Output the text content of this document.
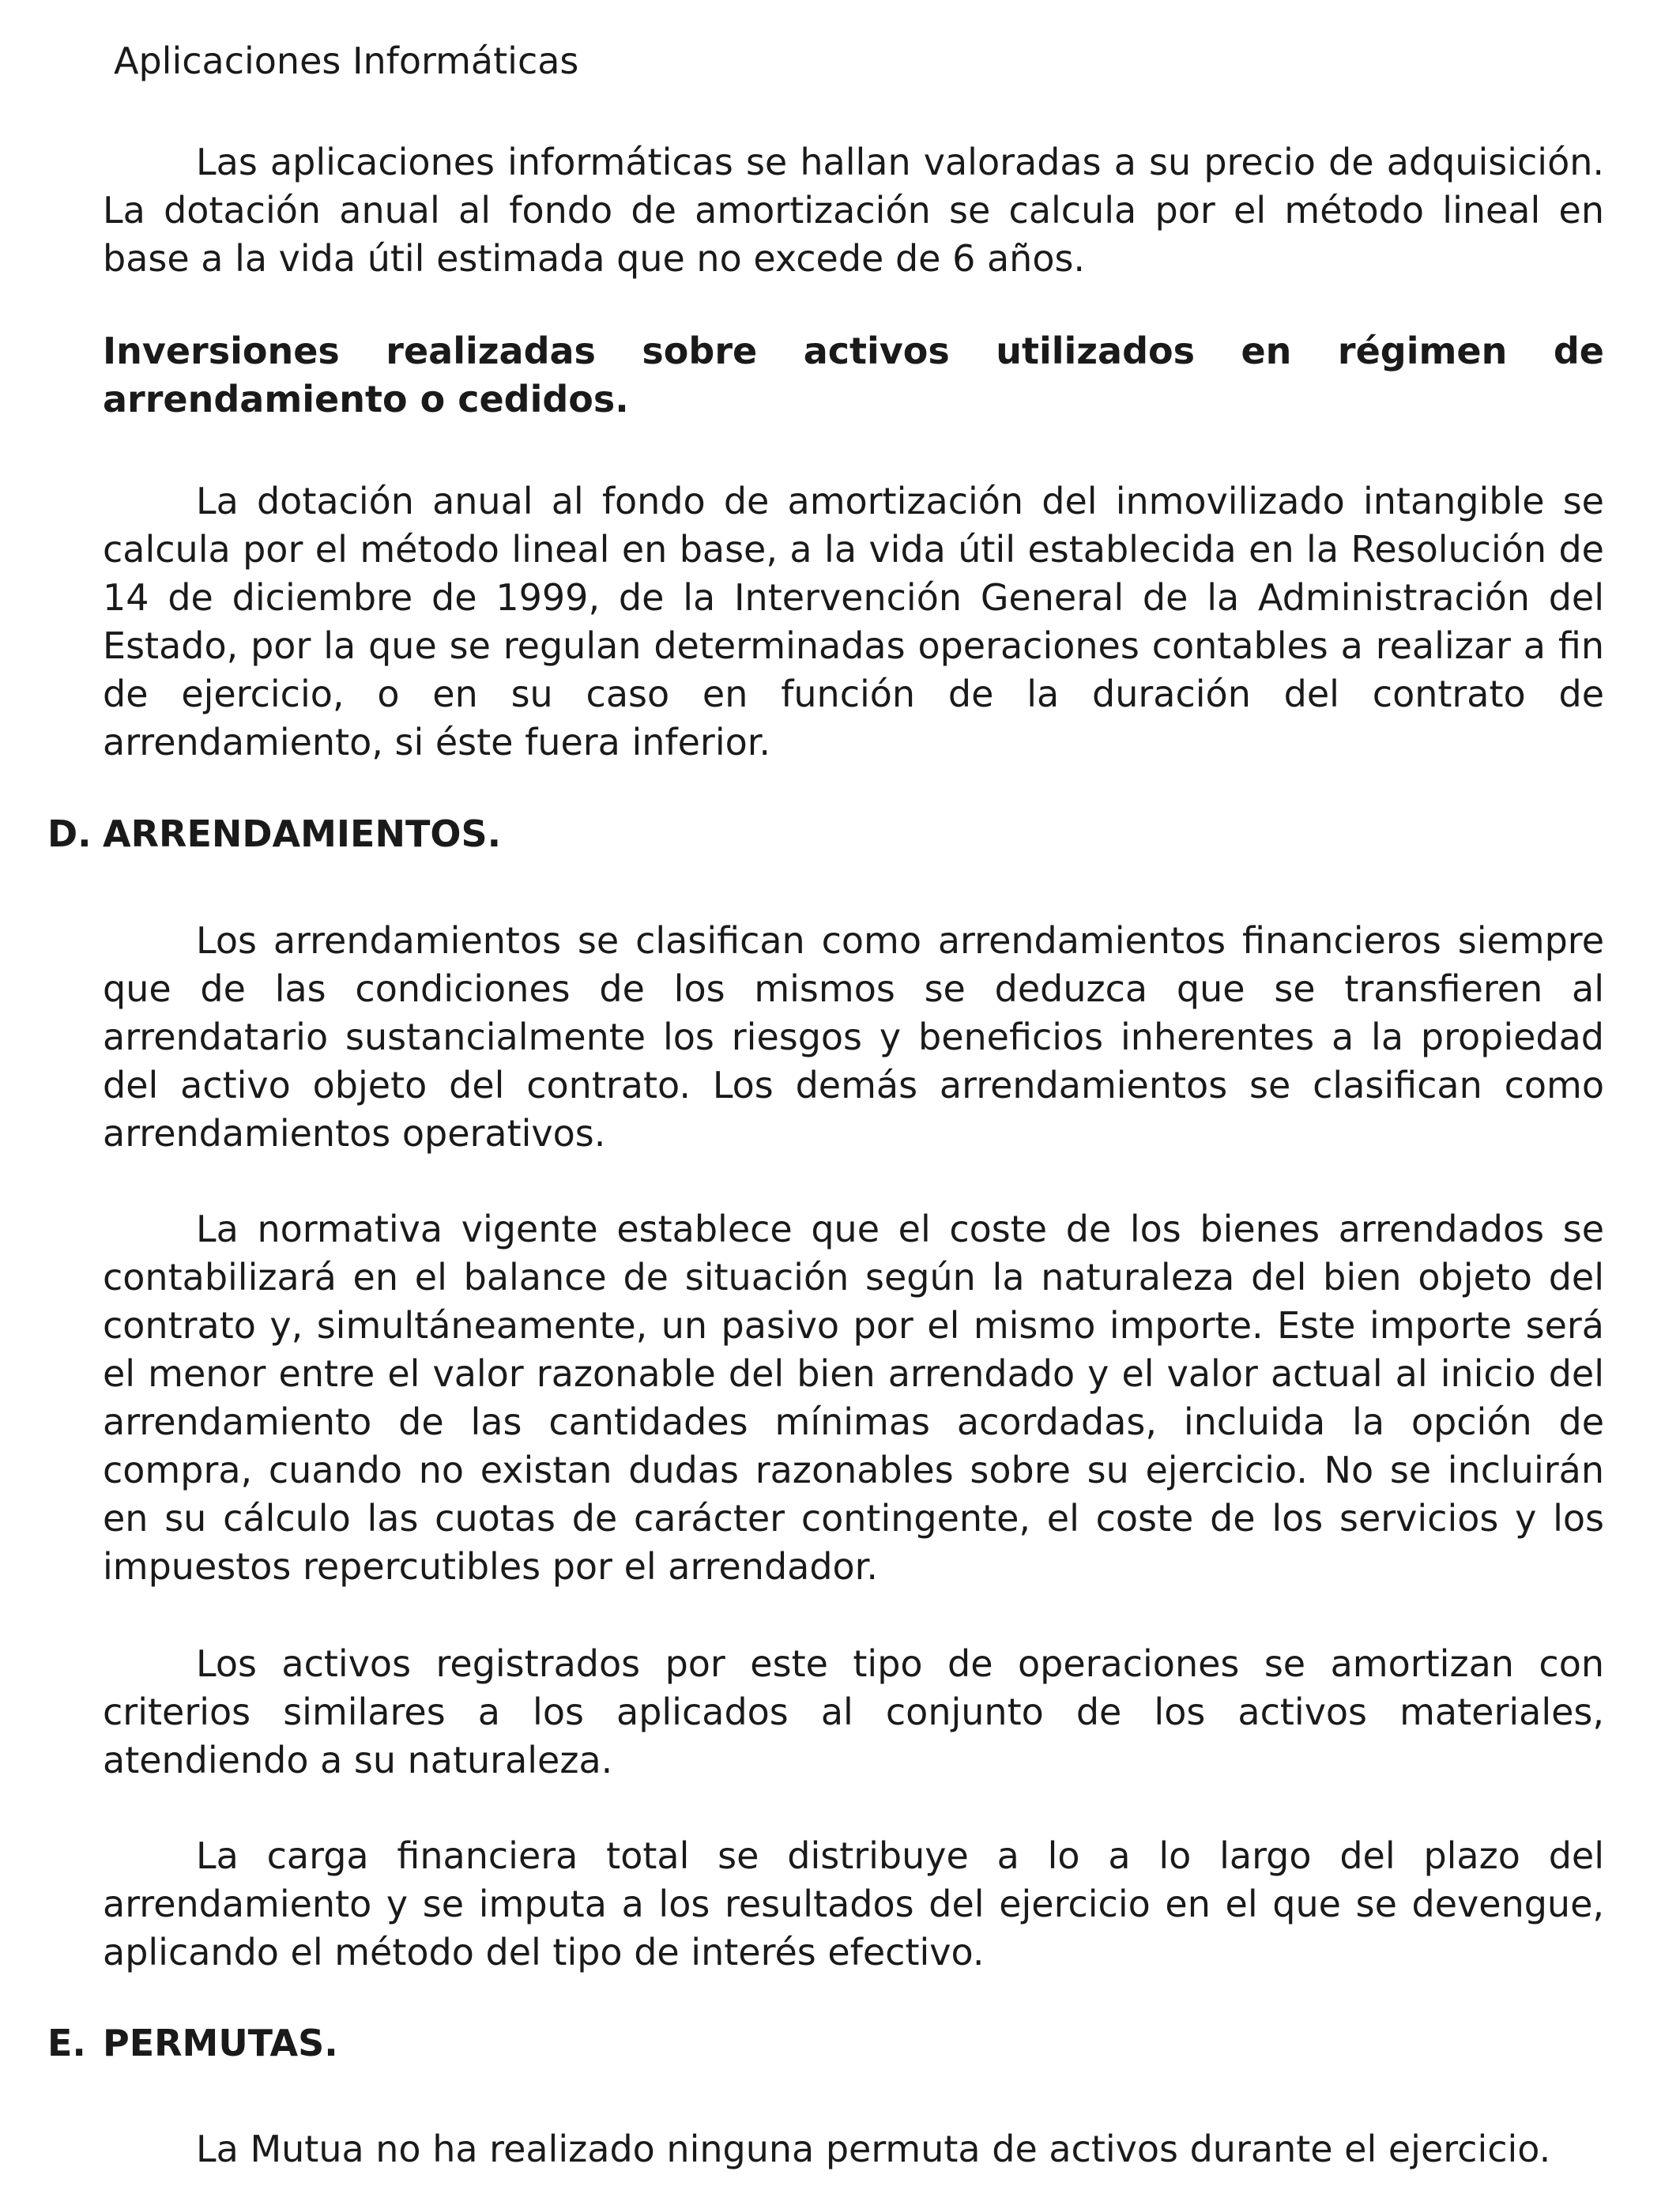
Aplicaciones Informáticas

Las aplicaciones informáticas se hallan valoradas a su precio de adquisición. La dotación anual al fondo de amortización se calcula por el método lineal en base a la vida útil estimada que no excede de 6 años.

Inversiones realizadas sobre activos utilizados en régimen de arrendamiento o cedidos.

La dotación anual al fondo de amortización del inmovilizado intangible se calcula por el método lineal en base, a la vida útil establecida en la Resolución de 14 de diciembre de 1999, de la Intervención General de la Administración del Estado, por la que se regulan determinadas operaciones contables a realizar a fin de ejercicio, o en su caso en función de la duración del contrato de arrendamiento, si éste fuera inferior.

D. ARRENDAMIENTOS.

Los arrendamientos se clasifican como arrendamientos financieros siempre que de las condiciones de los mismos se deduzca que se transfieren al arrendatario sustancialmente los riesgos y beneficios inherentes a la propiedad del activo objeto del contrato. Los demás arrendamientos se clasifican como arrendamientos operativos.

La normativa vigente establece que el coste de los bienes arrendados se contabilizará en el balance de situación según la naturaleza del bien objeto del contrato y, simultáneamente, un pasivo por el mismo importe. Este importe será el menor entre el valor razonable del bien arrendado y el valor actual al inicio del arrendamiento de las cantidades mínimas acordadas, incluida la opción de compra, cuando no existan dudas razonables sobre su ejercicio. No se incluirán en su cálculo las cuotas de carácter contingente, el coste de los servicios y los impuestos repercutibles por el arrendador.

Los activos registrados por este tipo de operaciones se amortizan con criterios similares a los aplicados al conjunto de los activos materiales, atendiendo a su naturaleza.

La carga financiera total se distribuye a lo a lo largo del plazo del arrendamiento y se imputa a los resultados del ejercicio en el que se devengue, aplicando el método del tipo de interés efectivo.

E. PERMUTAS.

La Mutua no ha realizado ninguna permuta de activos durante el ejercicio.
